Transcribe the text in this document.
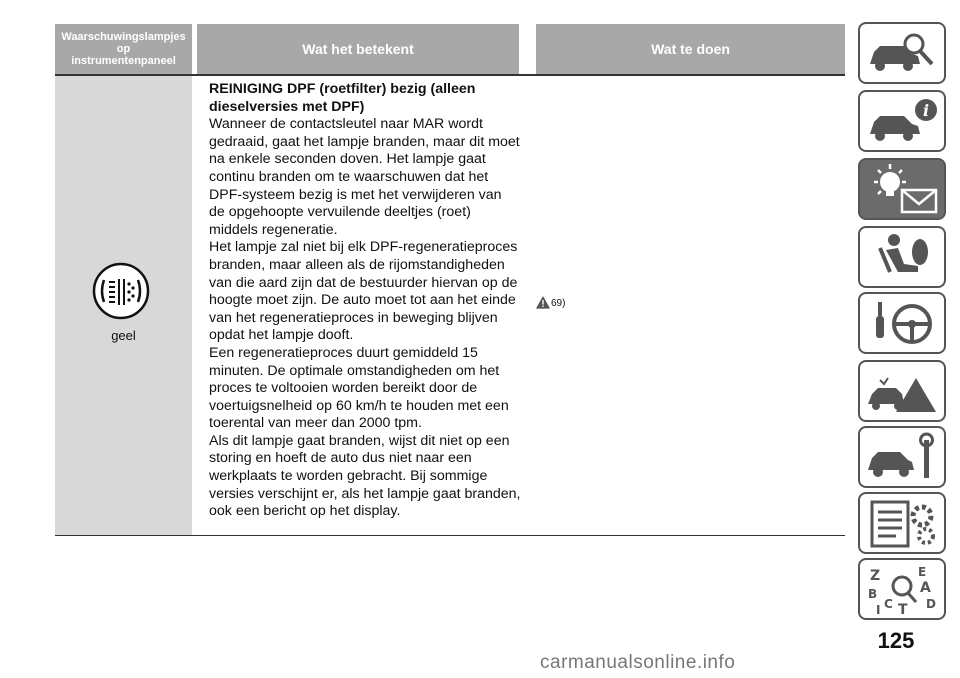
Waarschuwingslampjes
op
instrumentenpaneel
Wat het betekent	Wat te doen
geel

REINIGING DPF (roetfilter) bezig (alleen
dieselversies met DPF)

Wanneer de contactsleutel naar MAR wordt gedraaid, gaat het lampje branden, maar dit moet na enkele seconden doven. Het lampje gaat continu branden om te waarschuwen dat het DPF-systeem bezig is met het verwijderen van de opgehoopte vervuilende deeltjes (roet) middels regeneratie.

Het lampje zal niet bij elk DPF-regeneratieproces branden, maar alleen als de rijomstandigheden van die aard zijn dat de bestuurder hiervan op de hoogte moet zijn. De auto moet tot aan het einde van het regeneratieproces in beweging blijven opdat het lampje dooft.

Een regeneratieproces duurt gemiddeld 15 minuten. De optimale omstandigheden om het proces te voltooien worden bereikt door de voertuigsnelheid op 60 km/h te houden met een toerental van meer dan 2000 tpm.

Als dit lampje gaat branden, wijst dit niet op een storing en hoeft de auto dus niet naar een werkplaats te worden gebracht. Bij sommige versies verschijnt er, als het lampje gaat branden, ook een bericht op het display.

69)
i
Z	E
A
B
C
I T D
125
carmanualsonline.info
